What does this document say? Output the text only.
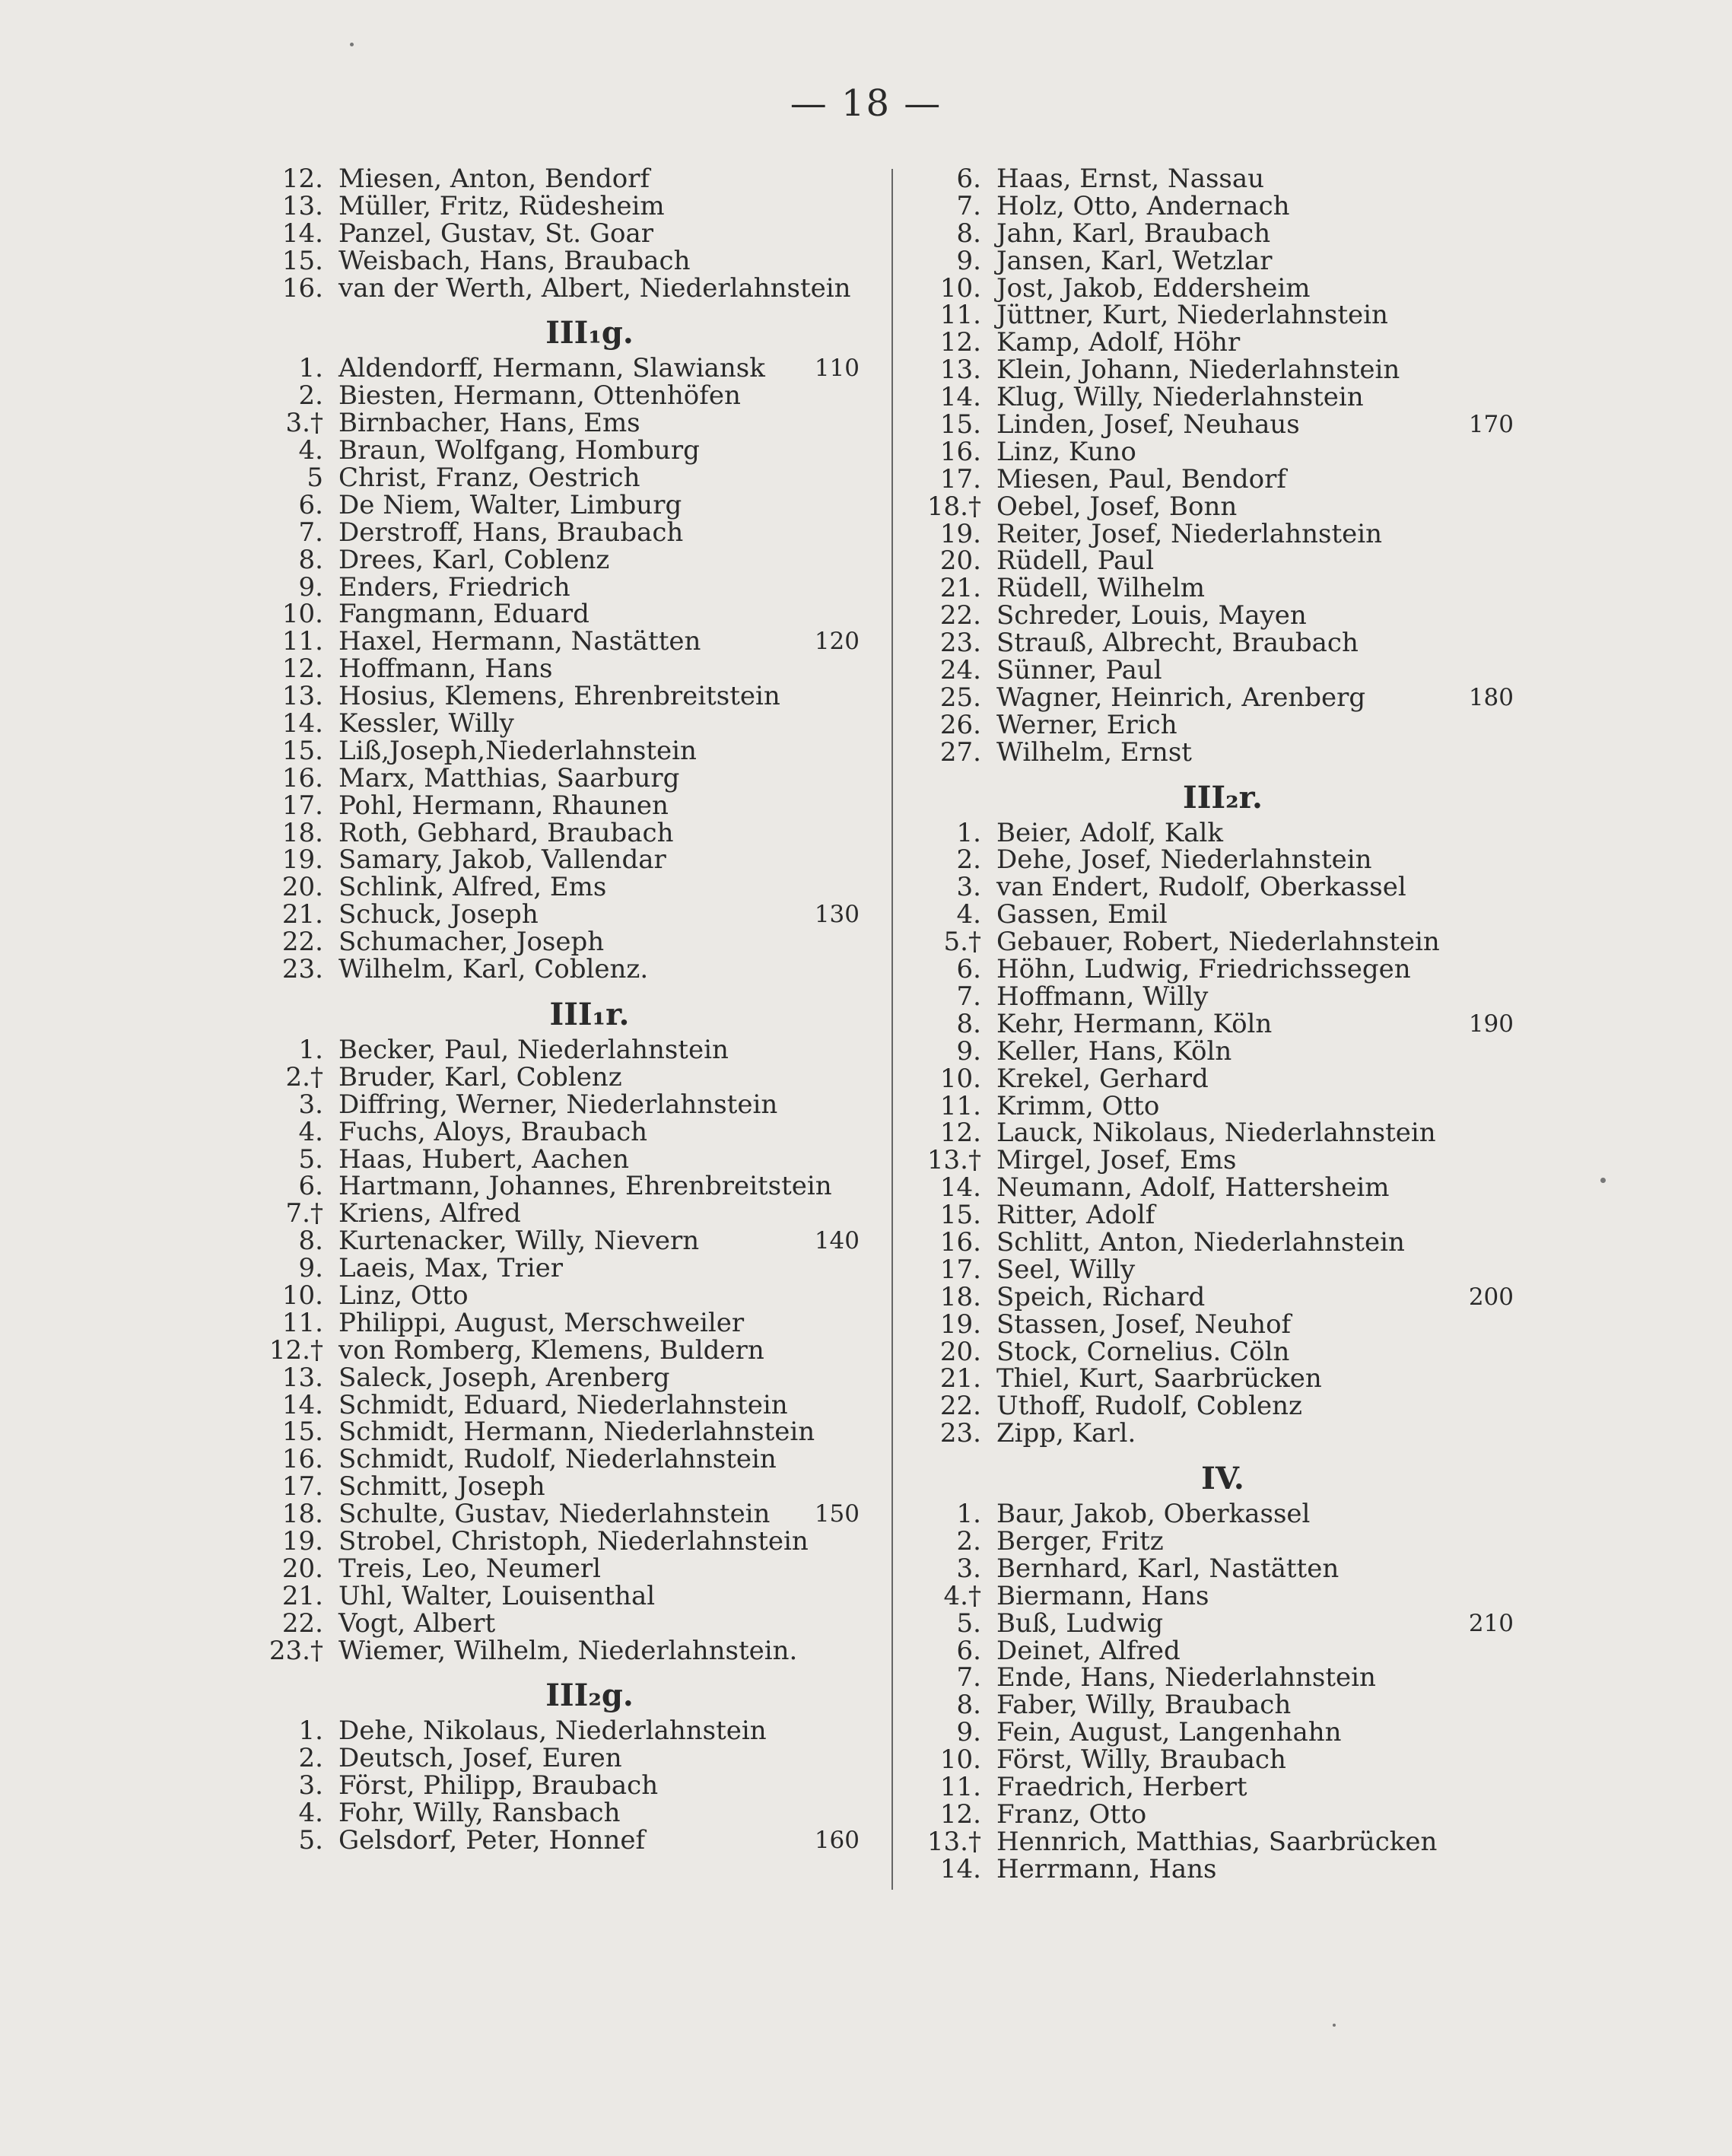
— 18 —
12. Miesen, Anton, Bendorf
13. Müller, Fritz, Rüdesheim
14. Panzel, Gustav, St. Goar
15. Weisbach, Hans, Braubach
16. van der Werth, Albert, Niederlahnstein
III₁g.
1. Aldendorff, Hermann, Slawiansk	110
2. Biesten, Hermann, Ottenhöfen
3.† Birnbacher, Hans, Ems
4. Braun, Wolfgang, Homburg
5 Christ, Franz, Oestrich
6. De Niem, Walter, Limburg
7. Derstroff, Hans, Braubach
8. Drees, Karl, Coblenz
9. Enders, Friedrich
10. Fangmann, Eduard
11. Haxel, Hermann, Nastätten	120
12. Hoffmann, Hans
13. Hosius, Klemens, Ehrenbreitstein
14. Kessler, Willy
15. Liß,Joseph,Niederlahnstein
16. Marx, Matthias, Saarburg
17. Pohl, Hermann, Rhaunen
18. Roth, Gebhard, Braubach
19. Samary, Jakob, Vallendar
20. Schlink, Alfred, Ems
21. Schuck, Joseph	130
22. Schumacher, Joseph
23. Wilhelm, Karl, Coblenz.
III₁r.
1. Becker, Paul, Niederlahnstein
2.† Bruder, Karl, Coblenz
3. Diffring, Werner, Niederlahnstein
4. Fuchs, Aloys, Braubach
5. Haas, Hubert, Aachen
6. Hartmann, Johannes, Ehrenbreitstein
7.† Kriens, Alfred
8. Kurtenacker, Willy, Nievern	140
9. Laeis, Max, Trier
10. Linz, Otto
11. Philippi, August, Merschweiler
12.† von Romberg, Klemens, Buldern
13. Saleck, Joseph, Arenberg
14. Schmidt, Eduard, Niederlahnstein
15. Schmidt, Hermann, Niederlahnstein
16. Schmidt, Rudolf, Niederlahnstein
17. Schmitt, Joseph
18. Schulte, Gustav, Niederlahnstein	150
19. Strobel, Christoph, Niederlahnstein
20. Treis, Leo, Neumerl
21. Uhl, Walter, Louisenthal
22. Vogt, Albert
23.† Wiemer, Wilhelm, Niederlahnstein.
III₂g.
1. Dehe, Nikolaus, Niederlahnstein
2. Deutsch, Josef, Euren
3. Först, Philipp, Braubach
4. Fohr, Willy, Ransbach
5. Gelsdorf, Peter, Honnef	160
6. Haas, Ernst, Nassau
7. Holz, Otto, Andernach
8. Jahn, Karl, Braubach
9. Jansen, Karl, Wetzlar
10. Jost, Jakob, Eddersheim
11. Jüttner, Kurt, Niederlahnstein
12. Kamp, Adolf, Höhr
13. Klein, Johann, Niederlahnstein
14. Klug, Willy, Niederlahnstein
15. Linden, Josef, Neuhaus	170
16. Linz, Kuno
17. Miesen, Paul, Bendorf
18.† Oebel, Josef, Bonn
19. Reiter, Josef, Niederlahnstein
20. Rüdell, Paul
21. Rüdell, Wilhelm
22. Schreder, Louis, Mayen
23. Strauß, Albrecht, Braubach
24. Sünner, Paul
25. Wagner, Heinrich, Arenberg	180
26. Werner, Erich
27. Wilhelm, Ernst
III₂r.
1. Beier, Adolf, Kalk
2. Dehe, Josef, Niederlahnstein
3. van Endert, Rudolf, Oberkassel
4. Gassen, Emil
5.† Gebauer, Robert, Niederlahnstein
6. Höhn, Ludwig, Friedrichssegen
7. Hoffmann, Willy
8. Kehr, Hermann, Köln	190
9. Keller, Hans, Köln
10. Krekel, Gerhard
11. Krimm, Otto
12. Lauck, Nikolaus, Niederlahnstein
13.† Mirgel, Josef, Ems
14. Neumann, Adolf, Hattersheim
15. Ritter, Adolf
16. Schlitt, Anton, Niederlahnstein
17. Seel, Willy
18. Speich, Richard	200
19. Stassen, Josef, Neuhof
20. Stock, Cornelius. Cöln
21. Thiel, Kurt, Saarbrücken
22. Uthoff, Rudolf, Coblenz
23. Zipp, Karl.
IV.
1. Baur, Jakob, Oberkassel
2. Berger, Fritz
3. Bernhard, Karl, Nastätten
4.† Biermann, Hans
5. Buß, Ludwig	210
6. Deinet, Alfred
7. Ende, Hans, Niederlahnstein
8. Faber, Willy, Braubach
9. Fein, August, Langenhahn
10. Först, Willy, Braubach
11. Fraedrich, Herbert
12. Franz, Otto
13.† Hennrich, Matthias, Saarbrücken
14. Herrmann, Hans
